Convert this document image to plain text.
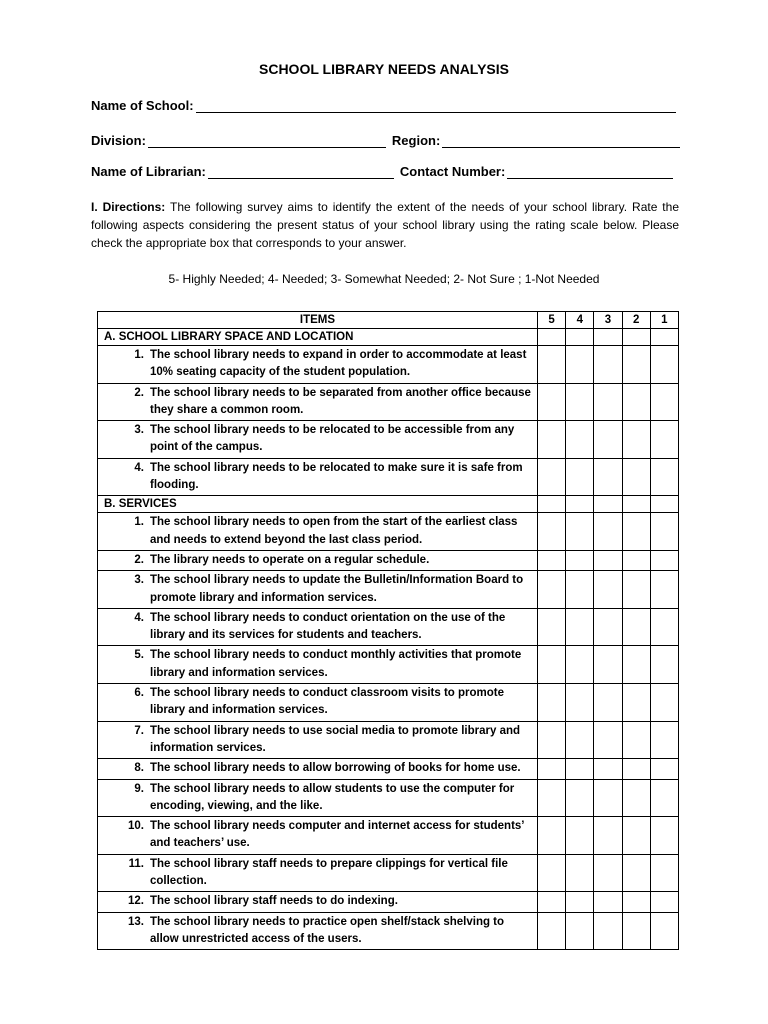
SCHOOL LIBRARY NEEDS ANALYSIS
Name of School:
Division:	Region:
Name of Librarian:	Contact Number:
I. Directions: The following survey aims to identify the extent of the needs of your school library. Rate the following aspects considering the present status of your school library using the rating scale below. Please check the appropriate box that corresponds to your answer.
5- Highly Needed; 4- Needed; 3- Somewhat Needed; 2- Not Sure ; 1-Not Needed
ITEMS	5	4	3	2	1
A. SCHOOL LIBRARY SPACE AND LOCATION					

1. The school library needs to expand in order to accommodate at least 10% seating capacity of the student population.					

2. The school library needs to be separated from another office because they share a common room.					

3. The school library needs to be relocated to be accessible from any point of the campus.					

4. The school library needs to be relocated to make sure it is safe from flooding.					

B. SERVICES					

1. The school library needs to open from the start of the earliest class and needs to extend beyond the last class period.					

2. The library needs to operate on a regular schedule.					

3. The school library needs to update the Bulletin/Information Board to promote library and information services.					

4. The school library needs to conduct orientation on the use of the library and its services for students and teachers.					

5. The school library needs to conduct monthly activities that promote library and information services.					

6. The school library needs to conduct classroom visits to promote library and information services.					

7. The school library needs to use social media to promote library and information services.					

8. The school library needs to allow borrowing of books for home use.					

9. The school library needs to allow students to use the computer for encoding, viewing, and the like.					

10. The school library needs computer and internet access for students’ and teachers’ use.					

11. The school library staff needs to prepare clippings for vertical file collection.					

12. The school library staff needs to do indexing.					

13. The school library needs to practice open shelf/stack shelving to allow unrestricted access of the users.					
